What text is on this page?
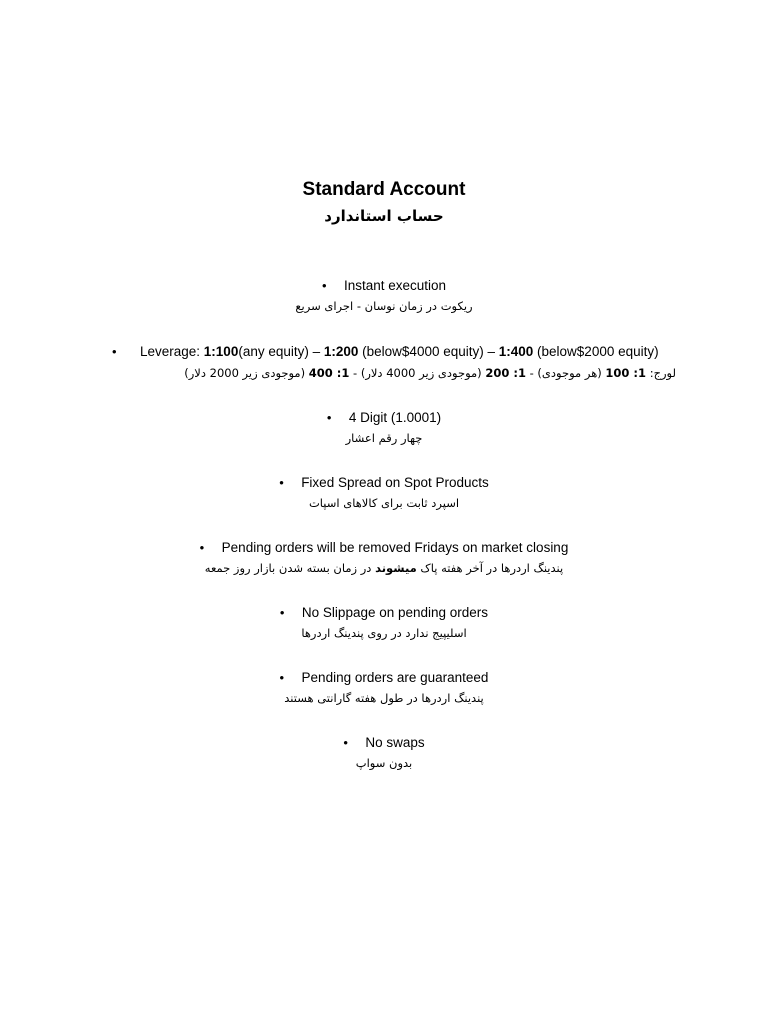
Standard Account
حساب استاندارد
• Instant execution
ریکوت در زمان نوسان - اجرای سریع
• Leverage: 1:100(any equity) – 1:200 (below$4000 equity) – 1:400 (below$2000 equity)
لورج: 1: 100 (هر موجودی) - 1: 200 (موجودی زیر 4000 دلار) - 1: 400 (موجودی زیر 2000 دلار)
• 4 Digit (1.0001)
چهار رقم اعشار
• Fixed Spread on Spot Products
اسپرد ثابت برای کالاهای اسپات
• Pending orders will be removed Fridays on market closing
پندینگ اردرها در آخر هفته پاک میشوند در زمان بسته شدن بازار روز جمعه
• No Slippage on pending orders
اسلیپیج ندارد در روی پندینگ اردرها
• Pending orders are guaranteed
پندینگ اردرها در طول هفته گارانتی هستند
• No swaps
بدون سواپ
